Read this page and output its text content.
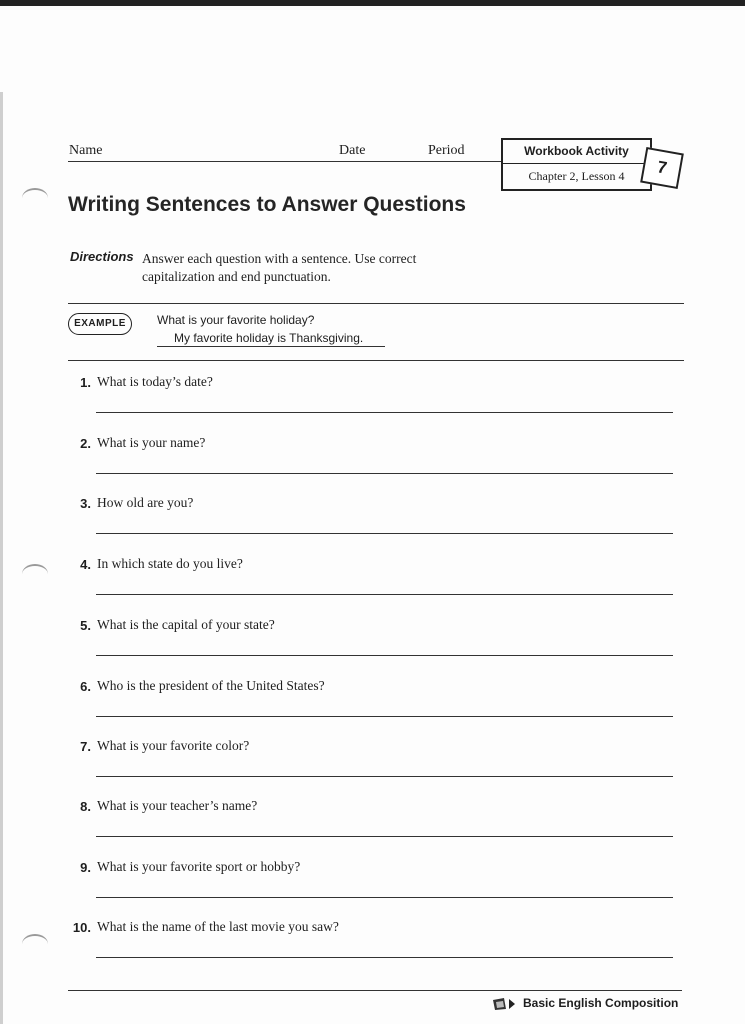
Name	Date	Period	Workbook Activity
Chapter 2, Lesson 4	7
Writing Sentences to Answer Questions
Directions Answer each question with a sentence. Use correct capitalization and end punctuation.
EXAMPLE	What is your favorite holiday?
My favorite holiday is Thanksgiving.
1. What is today’s date?
2. What is your name?
3. How old are you?
4. In which state do you live?
5. What is the capital of your state?
6. Who is the president of the United States?
7. What is your favorite color?
8. What is your teacher’s name?
9. What is your favorite sport or hobby?
10. What is the name of the last movie you saw?
Basic English Composition
